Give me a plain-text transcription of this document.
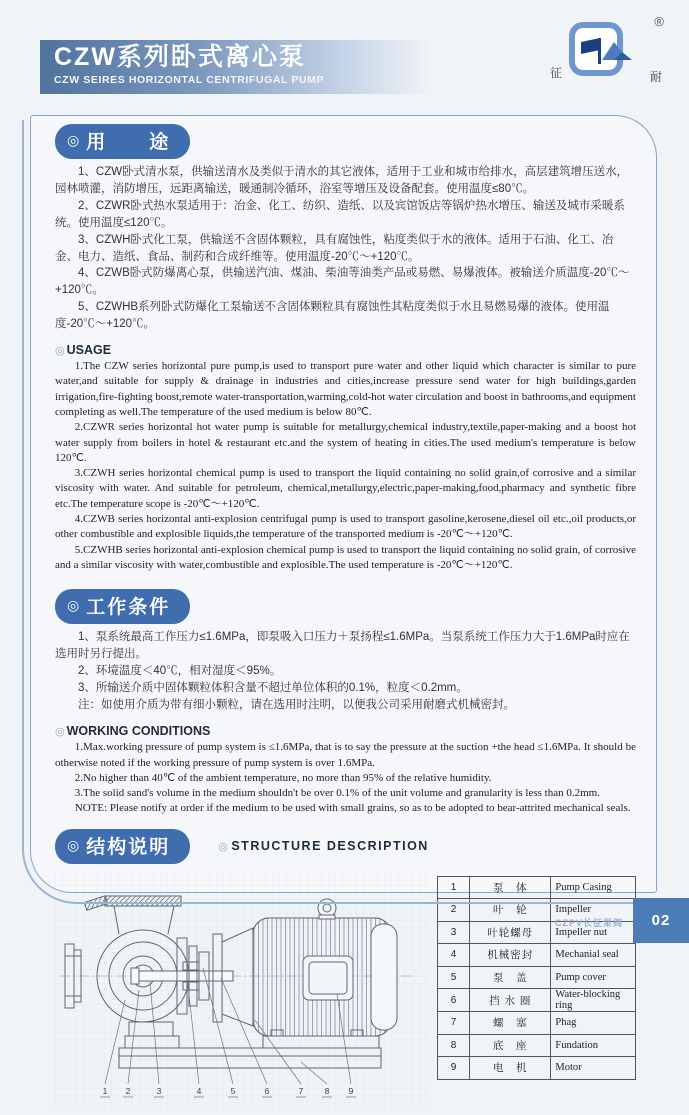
CZW系列卧式离心泵
CZW SEIRES HORIZONTAL CENTRIFUGAL PUMP
®
征	耐
◎ 用　　途

1、CZW卧式清水泵，供输送清水及类似于清水的其它液体，适用于工业和城市给排水，高层建筑增压送水，园林喷灌，消防增压，远距离输送，暖通制冷循环，浴室等增压及设备配套。使用温度≤80℃。

2、CZWR卧式热水泵适用于：冶金、化工、纺织、造纸、以及宾馆饭店等锅炉热水增压、输送及城市采暖系统。使用温度≤120℃。

3、CZWH卧式化工泵，供输送不含固体颗粒，具有腐蚀性，粘度类似于水的液体。适用于石油、化工、冶金、电力、造纸、食品、制药和合成纤维等。使用温度-20℃～+120℃。

4、CZWB卧式防爆离心泵，供输送汽油、煤油、柴油等油类产品或易燃、易爆液体。被输送介质温度-20℃～+120℃。

5、CZWHB系列卧式防爆化工泵输送不含固体颗粒具有腐蚀性其粘度类似于水且易燃易爆的液体。使用温度-20℃～+120℃。

◎ USAGE

1.The CZW series horizontal pure pump,is used to transport pure water and other liquid which character is similar to pure water,and suitable for supply & drainage in industries and cities,increase pressure send water for high buildings,garden irrigation,fire-fighting boost,remote water-transportation,warming,cold-hot water circulation and boost in bathrooms,and equipment completing as well.The temperature of the used medium is below 80℃.

2.CZWR series horizontal hot water pump is suitable for metallurgy,chemical industry,textile,paper-making and a boost hot water supply from boilers in hotel & restaurant etc.and the system of heating in cities.The used medium's temperature is below 120℃.

3.CZWH series horizontal chemical pump is used to transport the liquid containing no solid grain,of corrosive and a similar viscosity with water. And suitable for petroleum, chemical,metallurgy,electric,paper-making,food,pharmacy and synthetic fibre etc.The temperature scope is -20℃～+120℃.

4.CZWB series horizontal anti-explosion centrifugal pump is used to transport gasoline,kerosene,diesel oil etc.,oil products,or other combustible and explosible liquids,the temperature of the transported medium is -20℃～+120℃.

5.CZWHB series horizontal anti-explosion chemical pump is used to transport the liquid containing no solid grain, of corrosive and a similar viscosity with water,combustible and explosible.The used temperature is -20℃～+120℃.

◎ 工作条件

1、泵系统最高工作压力≤1.6MPa，即泵吸入口压力＋泵扬程≤1.6MPa。当泵系统工作压力大于1.6MPa时应在选用时另行提出。

2、环境温度＜40℃，相对湿度＜95%。

3、所输送介质中固体颗粒体积含量不超过单位体积的0.1%，粒度＜0.2mm。

注：如使用介质为带有细小颗粒，请在选用时注明，以便我公司采用耐磨式机械密封。

◎ WORKING CONDITIONS

1.Max.working pressure of pump system is ≤1.6MPa, that is to say the pressure at the suction +the head ≤1.6MPa. It should be otherwise noted if the working pressure of pump system is over 1.6MPa.

2.No higher than 40℃ of the ambient temperature, no more than 95% of the relative humidity.

3.The solid sand's volume in the medium shouldn't be over 0.1% of the unit volume and granularity is less than 0.2mm.

NOTE: Please notify at order if the medium to be used with small grains, so as to be adopted to bear-attrited mechanical seals.

◎ 结构说明	◎ STRUCTURE DESCRIPTION
1 2	3	4	5	6	7	8 9
1	泵　体	Pump Casing
2	叶　轮	Impeller
3	叶轮螺母	Impeller nut
4	机械密封	Mechanial seal
5	泵　盖	Pump cover
6	挡 水 圈	Water-blocking ring
7	螺　塞	Phag
8	底　座	Fundation
9	电　机	Motor
CZPV长征泵阀 02
